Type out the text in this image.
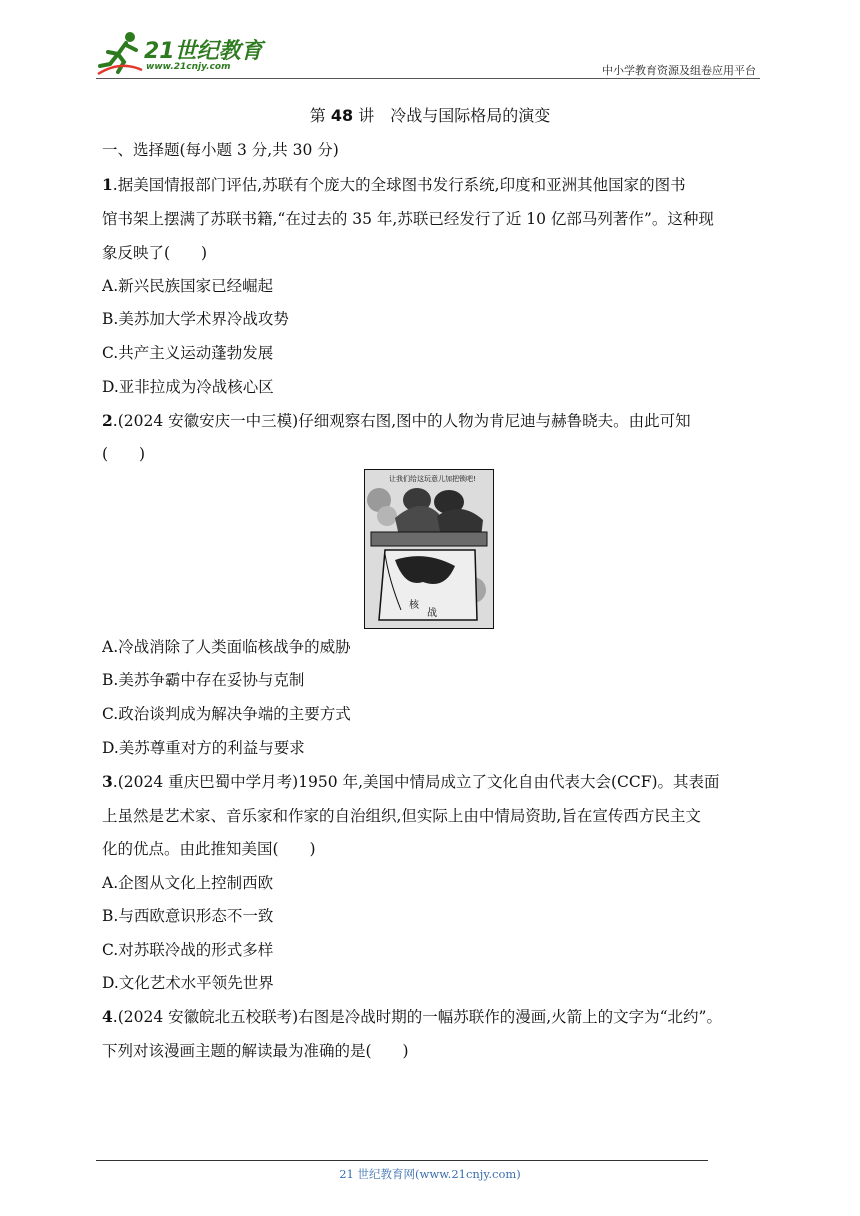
21世纪教育
www.21cnjy.com	中小学教育资源及组卷应用平台
第 48 讲　冷战与国际格局的演变
一、选择题(每小题 3 分,共 30 分)
1.据美国情报部门评估,苏联有个庞大的全球图书发行系统,印度和亚洲其他国家的图书
馆书架上摆满了苏联书籍,“在过去的 35 年,苏联已经发行了近 10 亿部马列著作”。这种现
象反映了(　　)
A.新兴民族国家已经崛起
B.美苏加大学术界冷战攻势
C.共产主义运动蓬勃发展
D.亚非拉成为冷战核心区
2.(2024 安徽安庆一中三模)仔细观察右图,图中的人物为肯尼迪与赫鲁晓夫。由此可知
(　　)
让我们给这玩意儿加把锁吧!
核
战
A.冷战消除了人类面临核战争的威胁
B.美苏争霸中存在妥协与克制
C.政治谈判成为解决争端的主要方式
D.美苏尊重对方的利益与要求
3.(2024 重庆巴蜀中学月考)1950 年,美国中情局成立了文化自由代表大会(CCF)。其表面
上虽然是艺术家、音乐家和作家的自治组织,但实际上由中情局资助,旨在宣传西方民主文
化的优点。由此推知美国(　　)
A.企图从文化上控制西欧
B.与西欧意识形态不一致
C.对苏联冷战的形式多样
D.文化艺术水平领先世界
4.(2024 安徽皖北五校联考)右图是冷战时期的一幅苏联作的漫画,火箭上的文字为“北约”。
下列对该漫画主题的解读最为准确的是(　　)
21 世纪教育网(www.21cnjy.com)
